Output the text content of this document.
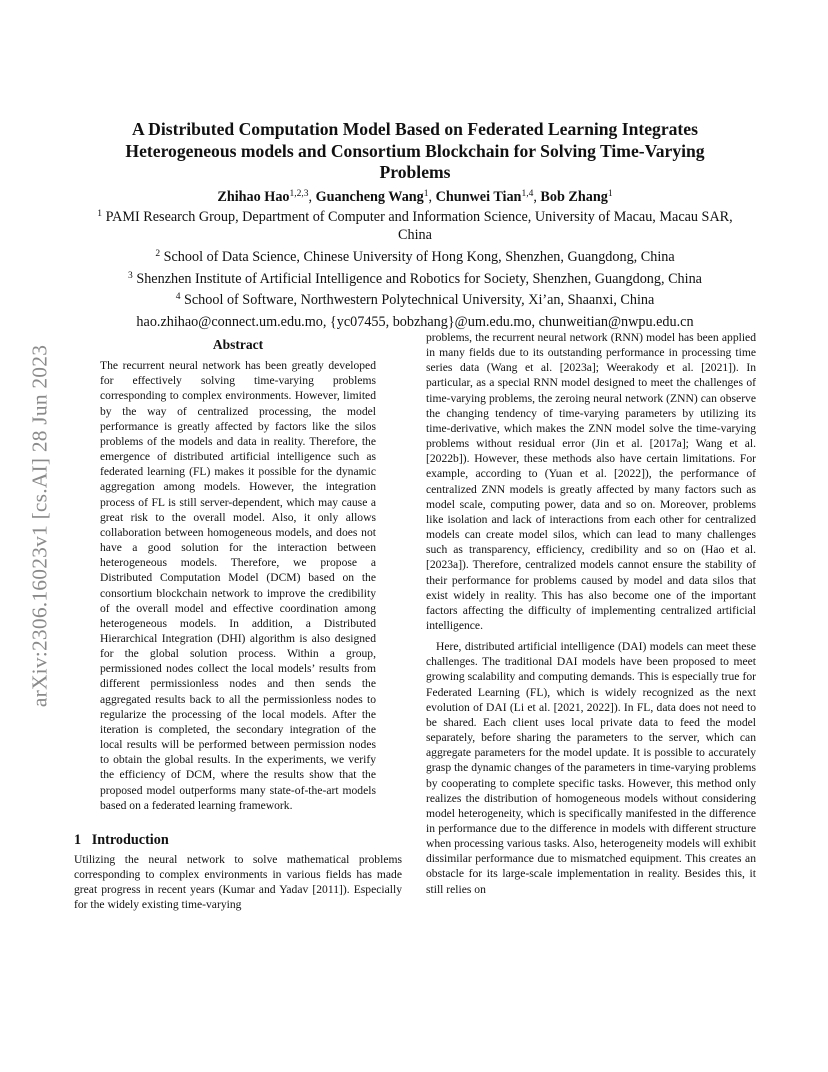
arXiv:2306.16023v1 [cs.AI] 28 Jun 2023
A Distributed Computation Model Based on Federated Learning Integrates Heterogeneous models and Consortium Blockchain for Solving Time-Varying Problems
Zhihao Hao$^{1,2,3}$, Guancheng Wang$^1$, Chunwei Tian$^{1,4}$, Bob Zhang$^1$
$^1$ PAMI Research Group, Department of Computer and Information Science, University of Macau, Macau SAR, China
$^2$ School of Data Science, Chinese University of Hong Kong, Shenzhen, Guangdong, China
$^3$ Shenzhen Institute of Artificial Intelligence and Robotics for Society, Shenzhen, Guangdong, China
$^4$ School of Software, Northwestern Polytechnical University, Xi’an, Shaanxi, China
hao.zhihao@connect.um.edu.mo, {yc07455, bobzhang}@um.edu.mo, chunweitian@nwpu.edu.cn
Abstract

The recurrent neural network has been greatly developed for effectively solving time-varying problems corresponding to complex environments. However, limited by the way of centralized processing, the model performance is greatly affected by factors like the silos problems of the models and data in reality. Therefore, the emergence of distributed artificial intelligence such as federated learning (FL) makes it possible for the dynamic aggregation among models. However, the integration process of FL is still server-dependent, which may cause a great risk to the overall model. Also, it only allows collaboration between homogeneous models, and does not have a good solution for the interaction between heterogeneous models. Therefore, we propose a Distributed Computation Model (DCM) based on the consortium blockchain network to improve the credibility of the overall model and effective coordination among heterogeneous models. In addition, a Distributed Hierarchical Integration (DHI) algorithm is also designed for the global solution process. Within a group, permissioned nodes collect the local models’ results from different permissionless nodes and then sends the aggregated results back to all the permissionless nodes to regularize the processing of the local models. After the iteration is completed, the secondary integration of the local results will be performed between permission nodes to obtain the global results. In the experiments, we verify the efficiency of DCM, where the results show that the proposed model outperforms many state-of-the-art models based on a federated learning framework.

1 Introduction

Utilizing the neural network to solve mathematical problems corresponding to complex environments in various fields has made great progress in recent years (Kumar and Yadav [2011]). Especially for the widely existing time-varying

problems, the recurrent neural network (RNN) model has been applied in many fields due to its outstanding performance in processing time series data (Wang et al. [2023a]; Weerakody et al. [2021]). In particular, as a special RNN model designed to meet the challenges of time-varying problems, the zeroing neural network (ZNN) can observe the changing tendency of time-varying parameters by utilizing its time-derivative, which makes the ZNN model solve the time-varying problems without residual error (Jin et al. [2017a]; Wang et al. [2022b]). However, these methods also have certain limitations. For example, according to (Yuan et al. [2022]), the performance of centralized ZNN models is greatly affected by many factors such as model scale, computing power, data and so on. Moreover, problems like isolation and lack of interactions from each other for centralized models can create model silos, which can lead to many challenges such as transparency, efficiency, credibility and so on (Hao et al. [2023a]). Therefore, centralized models cannot ensure the stability of their performance for problems caused by model and data silos that exist widely in reality. This has also become one of the important factors affecting the difficulty of implementing centralized artificial intelligence.

Here, distributed artificial intelligence (DAI) models can meet these challenges. The traditional DAI models have been proposed to meet growing scalability and computing demands. This is especially true for Federated Learning (FL), which is widely recognized as the next evolution of DAI (Li et al. [2021, 2022]). In FL, data does not need to be shared. Each client uses local private data to feed the model separately, before sharing the parameters to the server, which can aggregate parameters for the model update. It is possible to accurately grasp the dynamic changes of the parameters in time-varying problems by cooperating to complete specific tasks. However, this method only realizes the distribution of homogeneous models without considering model heterogeneity, which is specifically manifested in the difference in performance due to the difference in models with different structure when processing various tasks. Also, heterogeneity models will exhibit dissimilar performance due to mismatched equipment. This creates an obstacle for its large-scale implementation in reality. Besides this, it still relies on
